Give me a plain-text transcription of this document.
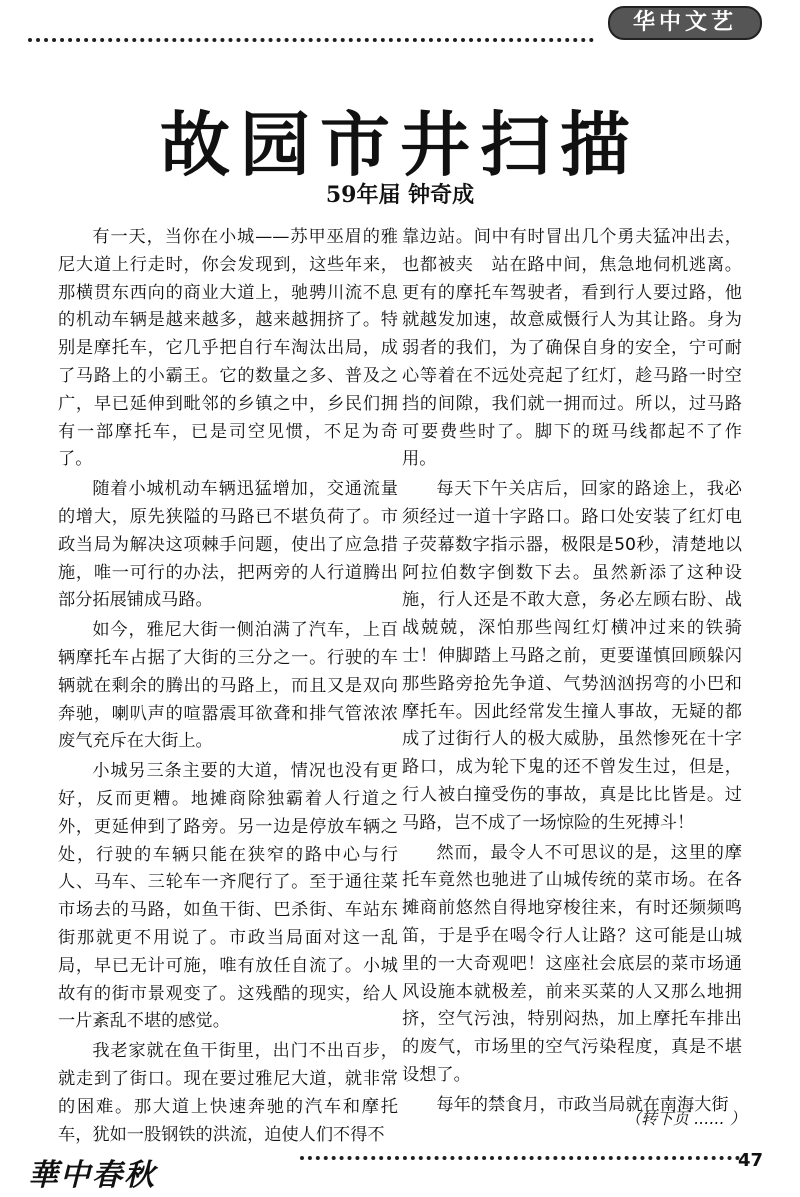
华中文艺
故园市井扫描
59年届 钟奇成

有一天，当你在小城——苏甲巫眉的雅尼大道上行走时，你会发现到，这些年来，那横贯东西向的商业大道上，驰骋川流不息的机动车辆是越来越多，越来越拥挤了。特别是摩托车，它几乎把自行车淘汰出局，成了马路上的小霸王。它的数量之多、普及之广，早已延伸到毗邻的乡镇之中，乡民们拥有一部摩托车，已是司空见惯，不足为奇了。

随着小城机动车辆迅猛增加，交通流量的增大，原先狭隘的马路已不堪负荷了。市政当局为解决这项棘手问题，使出了应急措施，唯一可行的办法，把两旁的人行道腾出部分拓展铺成马路。

如今，雅尼大街一侧泊满了汽车，上百辆摩托车占据了大街的三分之一。行驶的车辆就在剩余的腾出的马路上，而且又是双向奔驰，喇叭声的喧嚣震耳欲聋和排气管浓浓废气充斥在大街上。

小城另三条主要的大道，情况也没有更好，反而更糟。地摊商除独霸着人行道之外，更延伸到了路旁。另一边是停放车辆之处，行驶的车辆只能在狭窄的路中心与行人、马车、三轮车一齐爬行了。至于通往菜市场去的马路，如鱼干街、巴杀街、车站东街那就更不用说了。市政当局面对这一乱局，早已无计可施，唯有放任自流了。小城故有的街市景观变了。这残酷的现实，给人一片紊乱不堪的感觉。

我老家就在鱼干街里，出门不出百步，就走到了街口。现在要过雅尼大道，就非常的困难。那大道上快速奔驰的汽车和摩托车，犹如一股钢铁的洪流，迫使人们不得不

靠边站。间中有时冒出几个勇夫猛冲出去，也都被夹　站在路中间，焦急地伺机逃离。更有的摩托车驾驶者，看到行人要过路，他就越发加速，故意威慑行人为其让路。身为弱者的我们，为了确保自身的安全，宁可耐心等着在不远处亮起了红灯，趁马路一时空挡的间隙，我们就一拥而过。所以，过马路可要费些时了。脚下的斑马线都起不了作用。

每天下午关店后，回家的路途上，我必须经过一道十字路口。路口处安装了红灯电子荧幕数字指示器，极限是50秒，清楚地以阿拉伯数字倒数下去。虽然新添了这种设施，行人还是不敢大意，务必左顾右盼、战战兢兢，深怕那些闯红灯横冲过来的铁骑士！伸脚踏上马路之前，更要谨慎回顾躲闪那些路旁抢先争道、气势汹汹拐弯的小巴和摩托车。因此经常发生撞人事故，无疑的都成了过街行人的极大威胁，虽然惨死在十字路口，成为轮下鬼的还不曾发生过，但是，行人被白撞受伤的事故，真是比比皆是。过马路，岂不成了一场惊险的生死搏斗！

然而，最令人不可思议的是，这里的摩托车竟然也驰进了山城传统的菜市场。在各摊商前悠然自得地穿梭往来，有时还频频鸣笛，于是乎在喝令行人让路？这可能是山城里的一大奇观吧！这座社会底层的菜市场通风设施本就极差，前来买菜的人又那么地拥挤，空气污浊，特别闷热，加上摩托车排出的废气，市场里的空气污染程度，真是不堪设想了。

每年的禁食月，市政当局就在南海大街

（转下页 ...... ）
華中春秋	47
